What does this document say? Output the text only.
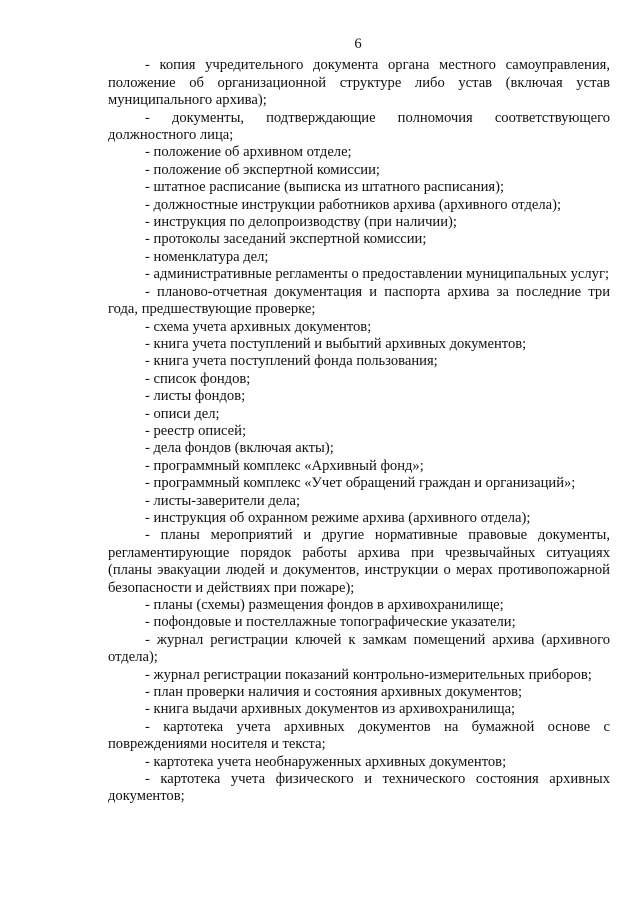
6

- копия учредительного документа органа местного самоуправления, положение об организационной структуре либо устав (включая устав муниципального архива);

- документы, подтверждающие полномочия соответствующего должностного лица;

- положение об архивном отделе;

- положение об экспертной комиссии;

- штатное расписание (выписка из штатного расписания);

- должностные инструкции работников архива (архивного отдела);

- инструкция по делопроизводству (при наличии);

- протоколы заседаний экспертной комиссии;

- номенклатура дел;

- административные регламенты о предоставлении муниципальных услуг;

- планово-отчетная документация и паспорта архива за последние три года, предшествующие проверке;

- схема учета архивных документов;

- книга учета поступлений и выбытий архивных документов;

- книга учета поступлений фонда пользования;

- список фондов;

- листы фондов;

- описи дел;

- реестр описей;

- дела фондов (включая акты);

- программный комплекс «Архивный фонд»;

- программный комплекс «Учет обращений граждан и организаций»;

- листы-заверители дела;

- инструкция об охранном режиме архива (архивного отдела);

- планы мероприятий и другие нормативные правовые документы, регламентирующие порядок работы архива при чрезвычайных ситуациях (планы эвакуации людей и документов, инструкции о мерах противопожарной безопасности и действиях при пожаре);

- планы (схемы) размещения фондов в архивохранилище;

- пофондовые и постеллажные топографические указатели;

- журнал регистрации ключей к замкам помещений архива (архивного отдела);

- журнал регистрации показаний контрольно-измерительных приборов;

- план проверки наличия и состояния архивных документов;

- книга выдачи архивных документов из архивохранилища;

- картотека учета архивных документов на бумажной основе с повреждениями носителя и текста;

- картотека учета необнаруженных архивных документов;

- картотека учета физического и технического состояния архивных документов;
